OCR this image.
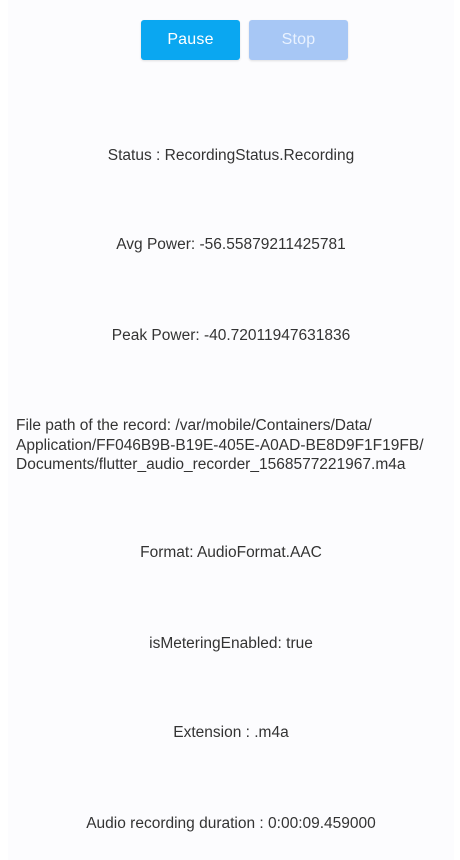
Pause	Stop
Status : RecordingStatus.Recording
Avg Power: -56.55879211425781
Peak Power: -40.72011947631836
File path of the record: /var/mobile/Containers/Data/
Application/FF046B9B-B19E-405E-A0AD-BE8D9F1F19FB/
Documents/flutter_audio_recorder_1568577221967.m4a
Format: AudioFormat.AAC
isMeteringEnabled: true
Extension : .m4a
Audio recording duration : 0:00:09.459000
